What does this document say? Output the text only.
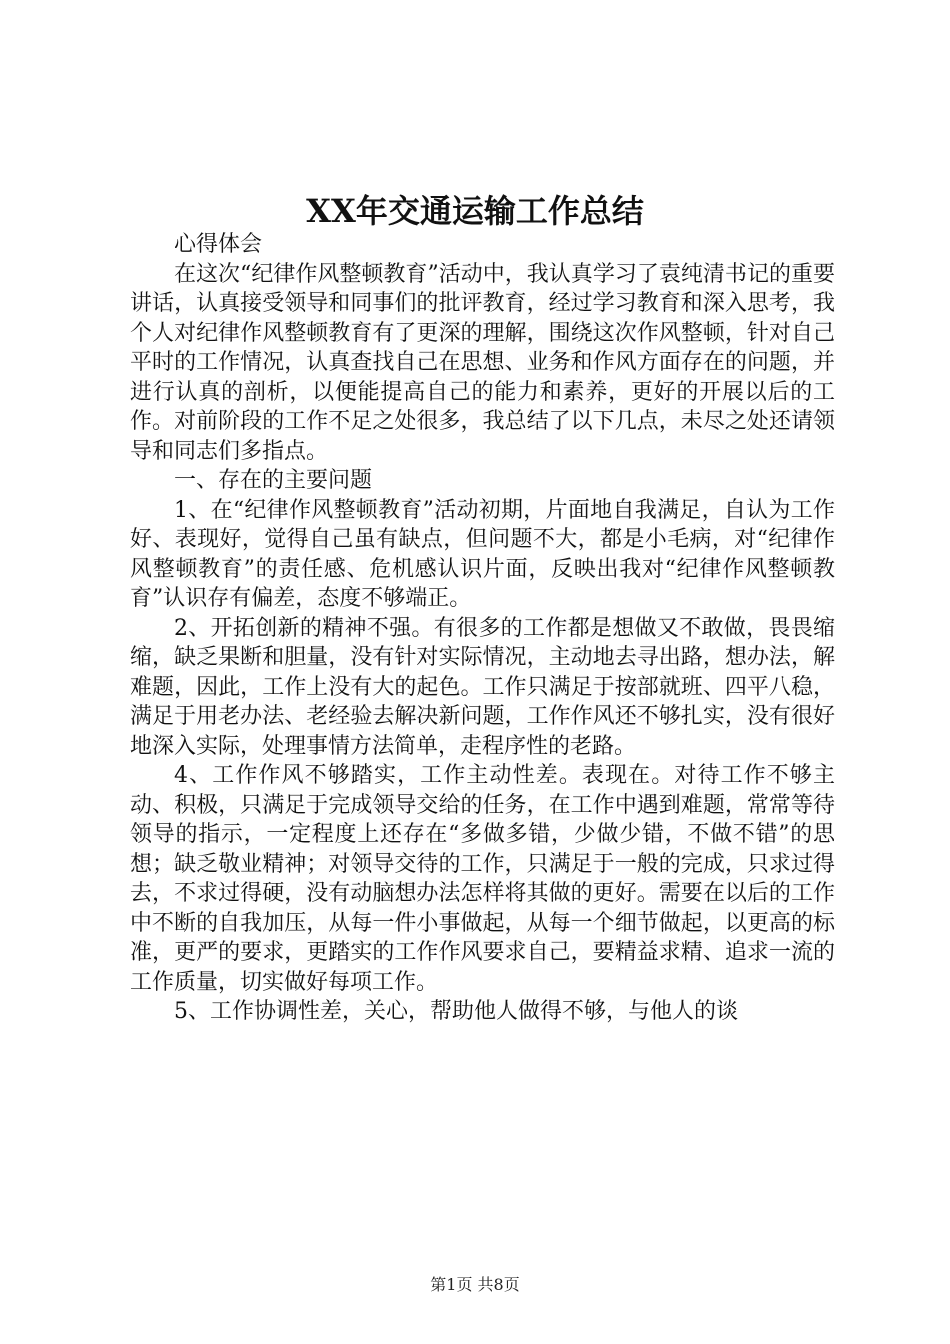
XX年交通运输工作总结

心得体会

在这次“纪律作风整顿教育”活动中，我认真学习了袁纯清书记的重要讲话，认真接受领导和同事们的批评教育，经过学习教育和深入思考，我个人对纪律作风整顿教育有了更深的理解，围绕这次作风整顿，针对自己平时的工作情况，认真查找自己在思想、业务和作风方面存在的问题，并进行认真的剖析，以便能提高自己的能力和素养，更好的开展以后的工作。对前阶段的工作不足之处很多，我总结了以下几点，未尽之处还请领导和同志们多指点。

一、存在的主要问题

1、在“纪律作风整顿教育”活动初期，片面地自我满足，自认为工作好、表现好，觉得自己虽有缺点，但问题不大，都是小毛病，对“纪律作风整顿教育”的责任感、危机感认识片面，反映出我对“纪律作风整顿教育”认识存有偏差，态度不够端正。

2、开拓创新的精神不强。有很多的工作都是想做又不敢做，畏畏缩缩，缺乏果断和胆量，没有针对实际情况，主动地去寻出路，想办法，解难题，因此，工作上没有大的起色。工作只满足于按部就班、四平八稳，满足于用老办法、老经验去解决新问题，工作作风还不够扎实，没有很好地深入实际，处理事情方法简单，走程序性的老路。

4、工作作风不够踏实，工作主动性差。表现在。对待工作不够主动、积极，只满足于完成领导交给的任务，在工作中遇到难题，常常等待领导的指示，一定程度上还存在“多做多错，少做少错，不做不错”的思想；缺乏敬业精神；对领导交待的工作，只满足于一般的完成，只求过得去，不求过得硬，没有动脑想办法怎样将其做的更好。需要在以后的工作中不断的自我加压，从每一件小事做起，从每一个细节做起，以更高的标准，更严的要求，更踏实的工作作风要求自己，要精益求精、追求一流的工作质量，切实做好每项工作。

5、工作协调性差，关心，帮助他人做得不够，与他人的谈

第1页 共8页
